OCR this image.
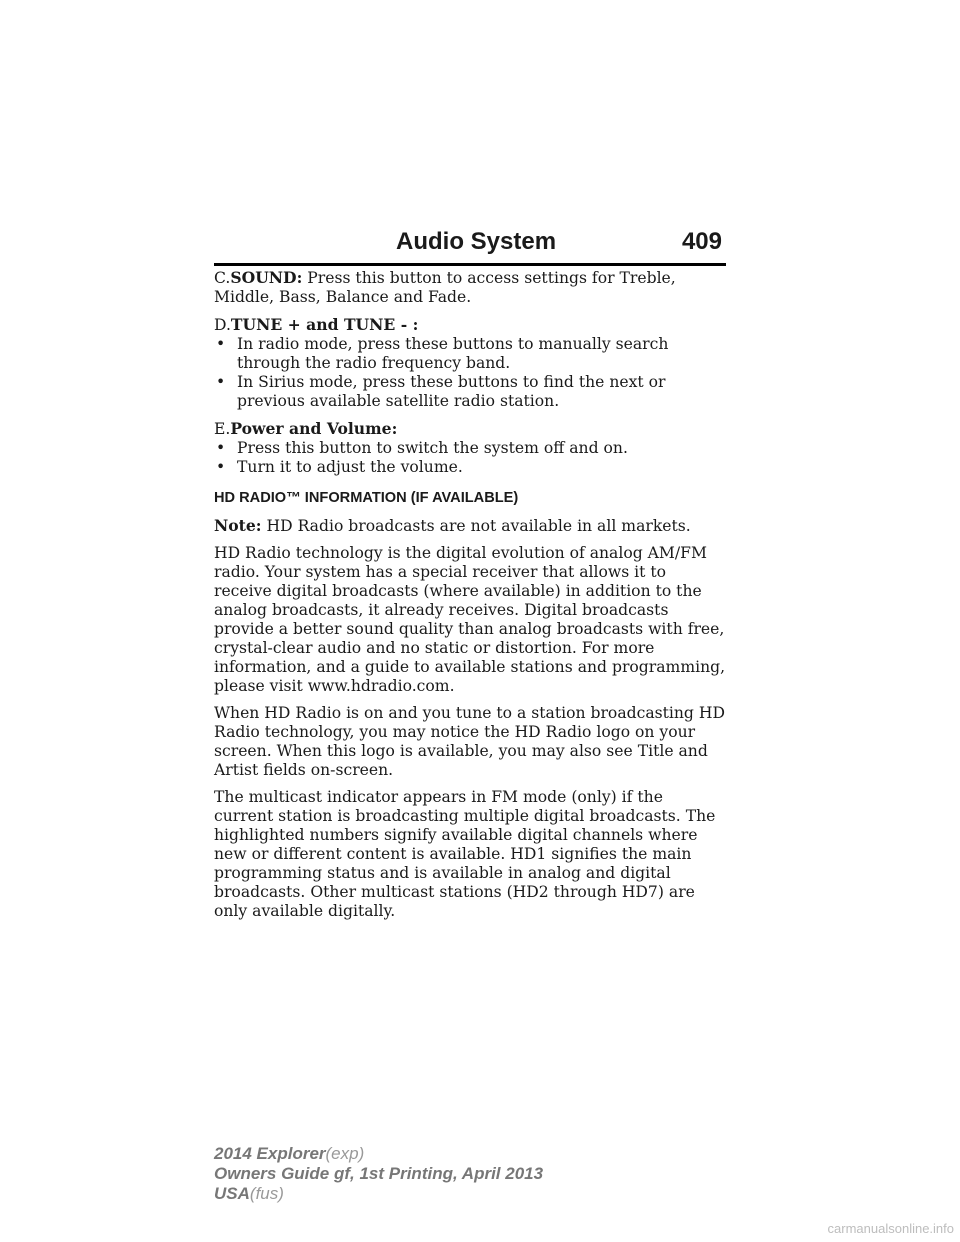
Audio System	409

C.SOUND: Press this button to access settings for Treble, Middle, Bass, Balance and Fade.

D.TUNE + and TUNE - :

• In radio mode, press these buttons to manually search through the radio frequency band.
• In Sirius mode, press these buttons to find the next or previous available satellite radio station.

E.Power and Volume:

• Press this button to switch the system off and on.
• Turn it to adjust the volume.

HD RADIO™ INFORMATION (IF AVAILABLE)

Note: HD Radio broadcasts are not available in all markets.

HD Radio technology is the digital evolution of analog AM/FM radio. Your system has a special receiver that allows it to receive digital broadcasts (where available) in addition to the analog broadcasts, it already receives. Digital broadcasts provide a better sound quality than analog broadcasts with free, crystal-clear audio and no static or distortion. For more information, and a guide to available stations and programming, please visit www.hdradio.com.

When HD Radio is on and you tune to a station broadcasting HD Radio technology, you may notice the HD Radio logo on your screen. When this logo is available, you may also see Title and Artist fields on-screen.

The multicast indicator appears in FM mode (only) if the current station is broadcasting multiple digital broadcasts. The highlighted numbers signify available digital channels where new or different content is available. HD1 signifies the main programming status and is available in analog and digital broadcasts. Other multicast stations (HD2 through HD7) are only available digitally.

2014 Explorer(exp)
Owners Guide gf, 1st Printing, April 2013
USA(fus)
carmanualsonline.info
